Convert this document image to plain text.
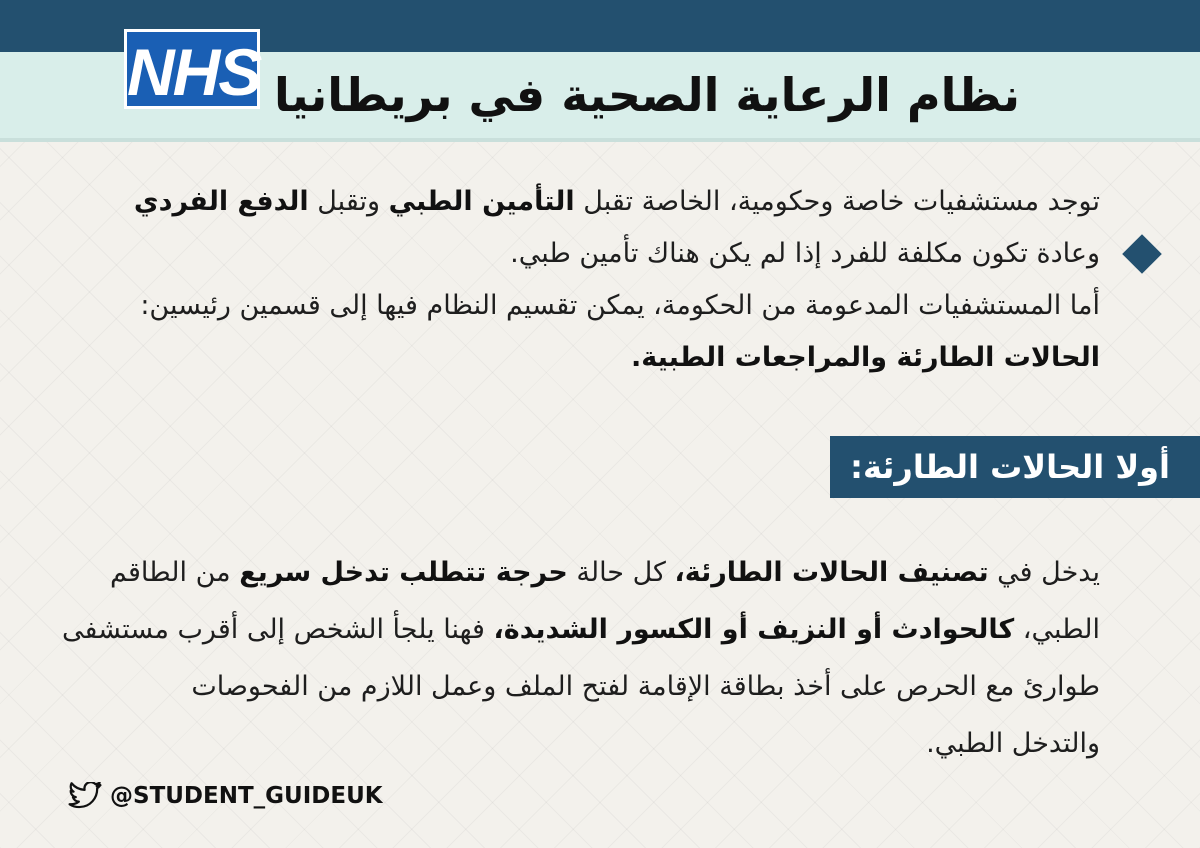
نظام الرعاية الصحية في بريطانيا
NHS
توجد مستشفيات خاصة وحكومية، الخاصة تقبل التأمين الطبي وتقبل الدفع الفردي
وعادة تكون مكلفة للفرد إذا لم يكن هناك تأمين طبي.
أما المستشفيات المدعومة من الحكومة، يمكن تقسيم النظام فيها إلى قسمين رئيسين:
الحالات الطارئة والمراجعات الطبية.
أولا الحالات الطارئة:
يدخل في تصنيف الحالات الطارئة، كل حالة حرجة تتطلب تدخل سريع من الطاقم
الطبي، كالحوادث أو النزيف أو الكسور الشديدة، فهنا يلجأ الشخص إلى أقرب مستشفى
طوارئ مع الحرص على أخذ بطاقة الإقامة لفتح الملف وعمل اللازم من الفحوصات
والتدخل الطبي.
@STUDENT_GUIDEUK
